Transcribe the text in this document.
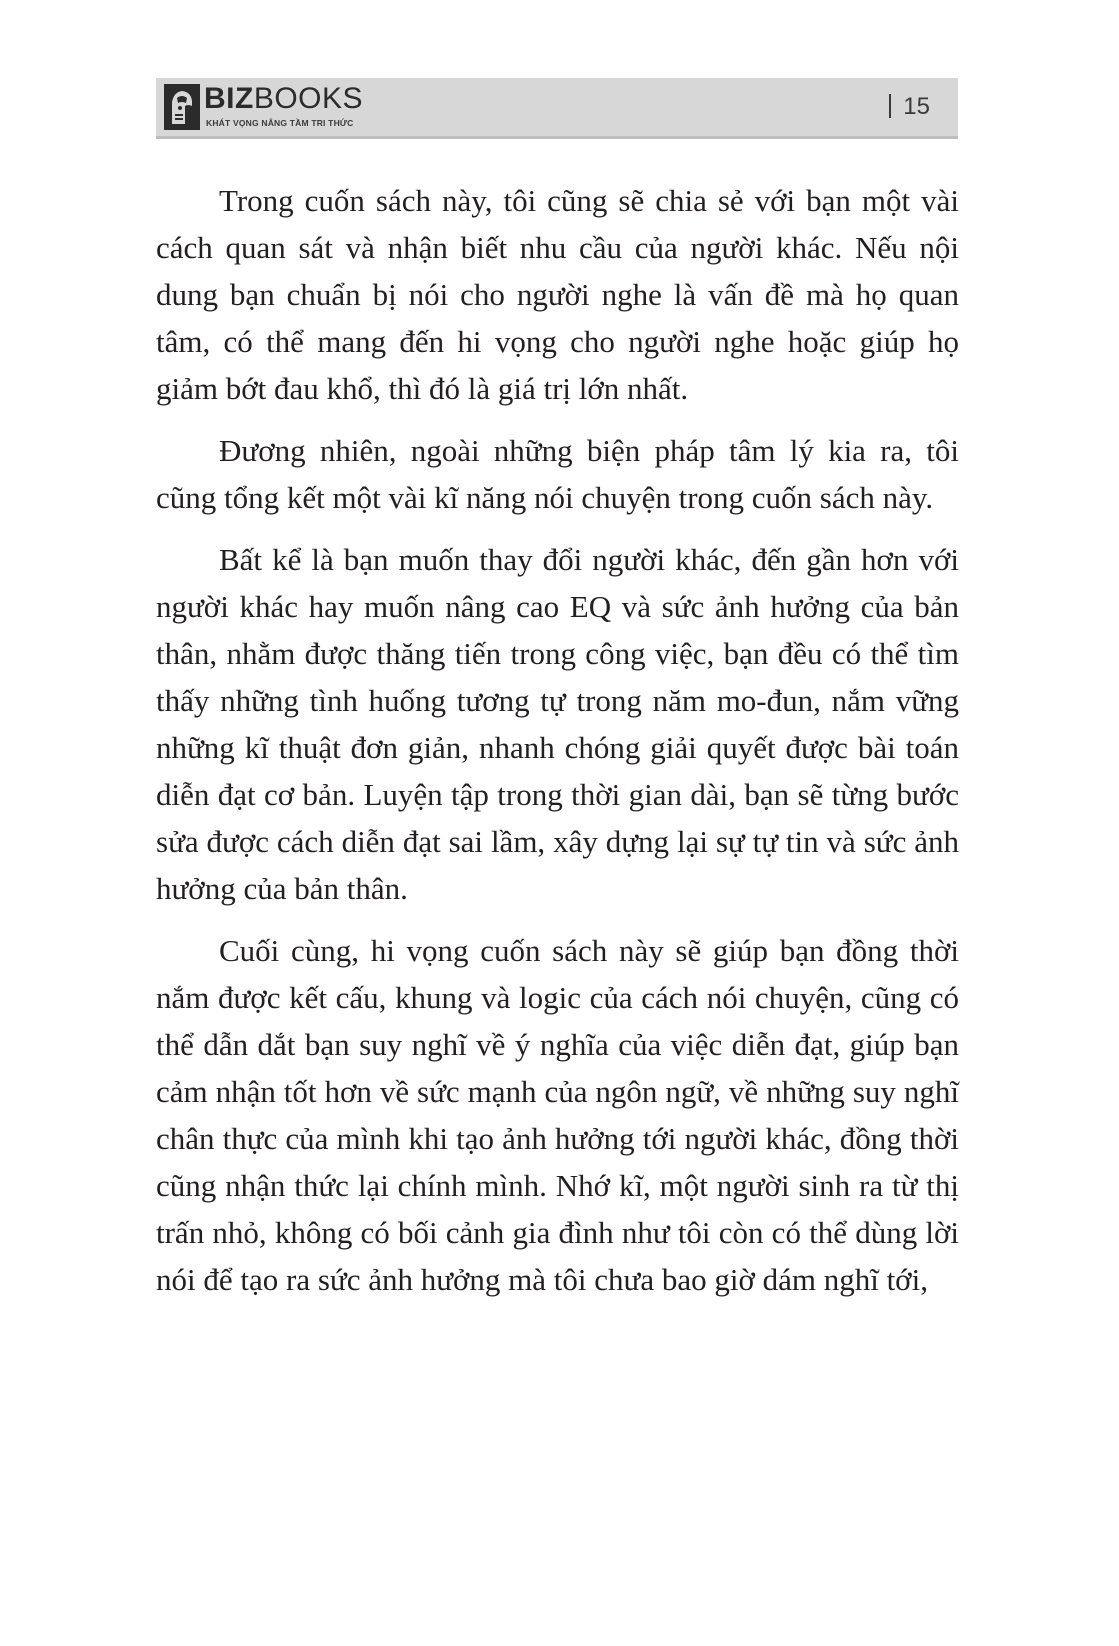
BIZBOOKS
KHÁT VỌNG NÂNG TẦM TRI THỨC
15

Trong cuốn sách này, tôi cũng sẽ chia sẻ với bạn một vài cách quan sát và nhận biết nhu cầu của người khác. Nếu nội dung bạn chuẩn bị nói cho người nghe là vấn đề mà họ quan tâm, có thể mang đến hi vọng cho người nghe hoặc giúp họ giảm bớt đau khổ, thì đó là giá trị lớn nhất.

Đương nhiên, ngoài những biện pháp tâm lý kia ra, tôi cũng tổng kết một vài kĩ năng nói chuyện trong cuốn sách này.

Bất kể là bạn muốn thay đổi người khác, đến gần hơn với người khác hay muốn nâng cao EQ và sức ảnh hưởng của bản thân, nhằm được thăng tiến trong công việc, bạn đều có thể tìm thấy những tình huống tương tự trong năm mo-đun, nắm vững những kĩ thuật đơn giản, nhanh chóng giải quyết được bài toán diễn đạt cơ bản. Luyện tập trong thời gian dài, bạn sẽ từng bước sửa được cách diễn đạt sai lầm, xây dựng lại sự tự tin và sức ảnh hưởng của bản thân.

Cuối cùng, hi vọng cuốn sách này sẽ giúp bạn đồng thời nắm được kết cấu, khung và logic của cách nói chuyện, cũng có thể dẫn dắt bạn suy nghĩ về ý nghĩa của việc diễn đạt, giúp bạn cảm nhận tốt hơn về sức mạnh của ngôn ngữ, về những suy nghĩ chân thực của mình khi tạo ảnh hưởng tới người khác, đồng thời cũng nhận thức lại chính mình. Nhớ kĩ, một người sinh ra từ thị trấn nhỏ, không có bối cảnh gia đình như tôi còn có thể dùng lời nói để tạo ra sức ảnh hưởng mà tôi chưa bao giờ dám nghĩ tới,
